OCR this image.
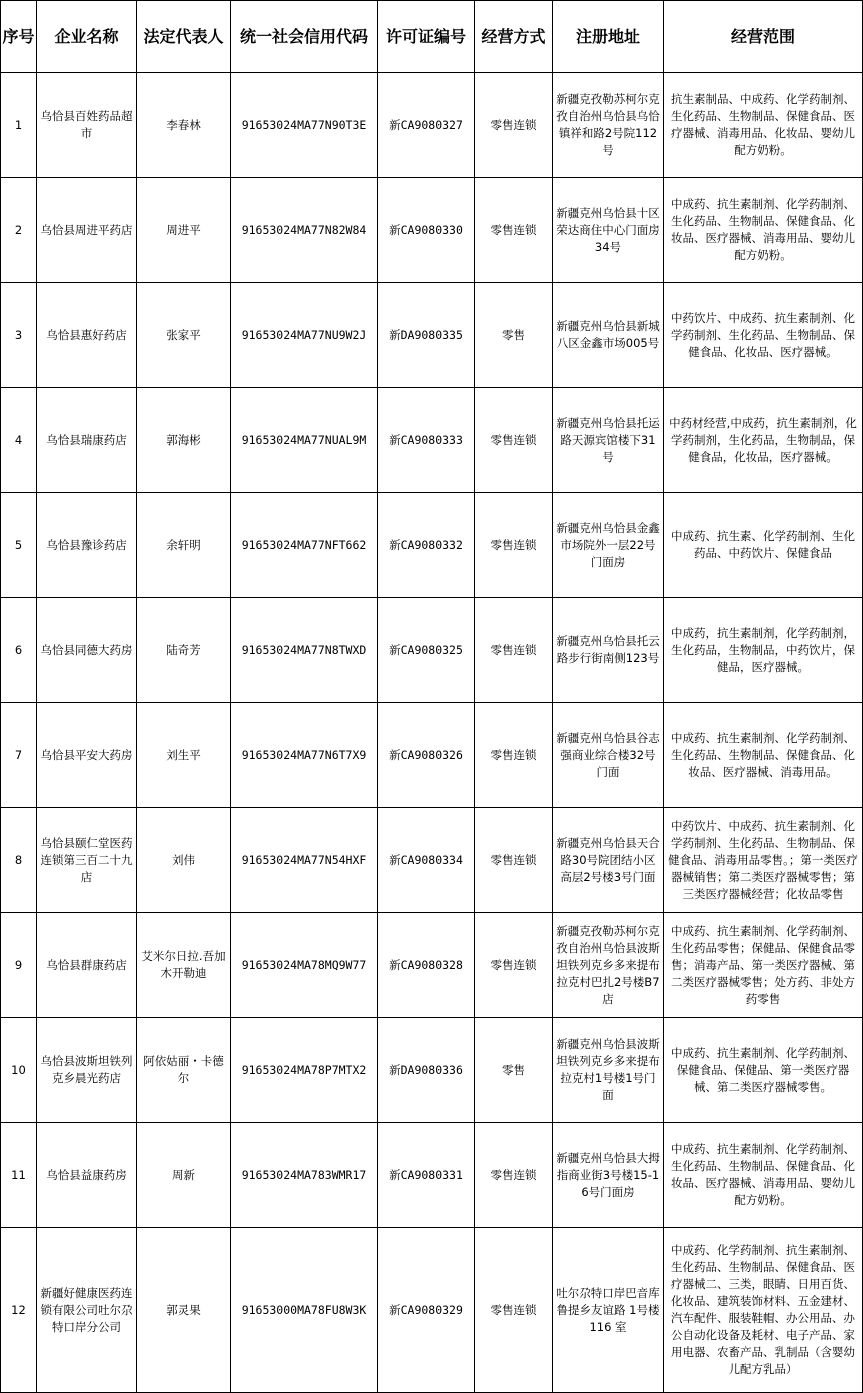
序号	企业名称	法定代表人	统一社会信用代码	许可证编号	经营方式	注册地址	经营范围
1	乌恰县百姓药品超市	李春林	91653024MA77N90T3E	新CA9080327	零售连锁	新疆克孜勒苏柯尔克孜自治州乌恰县乌恰镇祥和路2号院112号	抗生素制品、中成药、化学药制剂、生化药品、生物制品、保健食品、医疗器械、消毒用品、化妆品、婴幼儿配方奶粉。
2	乌恰县周进平药店	周进平	91653024MA77N82W84	新CA9080330	零售连锁	新疆克州乌恰县十区荣达商住中心门面房34号	中成药、抗生素制剂、化学药制剂、生化药品、生物制品、保健食品、化妆品、医疗器械、消毒用品、婴幼儿配方奶粉。
3	乌恰县惠好药店	张家平	91653024MA77NU9W2J	新DA9080335	零售	新疆克州乌恰县新城八区金鑫市场005号	中药饮片、中成药、抗生素制剂、化学药制剂、生化药品、生物制品、保健食品、化妆品、医疗器械。
4	乌恰县瑞康药店	郭海彬	91653024MA77NUAL9M	新CA9080333	零售连锁	新疆克州乌恰县托运路天源宾馆楼下31号	中药材经营,中成药，抗生素制剂，化学药制剂，生化药品，生物制品，保健食品，化妆品，医疗器械。
5	乌恰县豫诊药店	余轩明	91653024MA77NFT662	新CA9080332	零售连锁	新疆克州乌恰县金鑫市场院外一层22号门面房	中成药、抗生素、化学药制剂、生化药品、中药饮片、保健食品
6	乌恰县同德大药房	陆奇芳	91653024MA77N8TWXD	新CA9080325	零售连锁	新疆克州乌恰县托云路步行街南侧123号	中成药，抗生素制剂，化学药制剂，生化药品，生物制品，中药饮片，保健品，医疗器械。
7	乌恰县平安大药房	刘生平	91653024MA77N6T7X9	新CA9080326	零售连锁	新疆克州乌恰县谷志强商业综合楼32号门面	中成药、抗生素制剂、化学药制剂、生化药品、生物制品、保健食品、化妆品、医疗器械、消毒用品。
8	乌恰县颐仁堂医药连锁第三百二十九店	刘伟	91653024MA77N54HXF	新CA9080334	零售连锁	新疆克州乌恰县天合路30号院团结小区高层2号楼3号门面	中药饮片、中成药、抗生素制剂、化学药制剂、生化药品、生物制品、保健食品、消毒用品零售。；第一类医疗器械销售；第二类医疗器械零售；第三类医疗器械经营；化妆品零售
9	乌恰县群康药店	艾米尔日拉.吾加木开勒迪	91653024MA78MQ9W77	新CA9080328	零售连锁	新疆克孜勒苏柯尔克孜自治州乌恰县波斯坦铁列克乡多来提布拉克村巴扎2号楼B7店	中成药、抗生素制剂、化学药制剂、生化药品零售；保健品、保健食品零售；消毒产品、第一类医疗器械、第二类医疗器械零售；处方药、非处方药零售
10	乌恰县波斯坦铁列克乡晨光药店	阿依姑丽・卡德尔	91653024MA78P7MTX2	新DA9080336	零售	新疆克州乌恰县波斯坦铁列克乡多来提布拉克村1号楼1号门面	中成药、抗生素制剂、化学药制剂、保健食品、保健品、第一类医疗器械、第二类医疗器械零售。
11	乌恰县益康药房	周新	91653024MA783WMR17	新CA9080331	零售连锁	新疆克州乌恰县大拇指商业街3号楼15-16号门面房	中成药、抗生素制剂、化学药制剂、生化药品、生物制品、保健食品、化妆品、医疗器械、消毒用品、婴幼儿配方奶粉。
12	新疆好健康医药连锁有限公司吐尔尕特口岸分公司	郭灵果	91653000MA78FU8W3K	新CA9080329	零售连锁	吐尔尕特口岸巴音库鲁提乡友谊路 1号楼 116 室	中成药、化学药制剂、抗生素制剂、生化药品、生物制品、保健食品、医疗器械二、三类，眼睛、日用百货、化妆品、建筑装饰材料、五金建材、汽车配件、服装鞋帽、办公用品、办公自动化设备及耗材、电子产品、家用电器、农畜产品、乳制品（含婴幼儿配方乳品）
